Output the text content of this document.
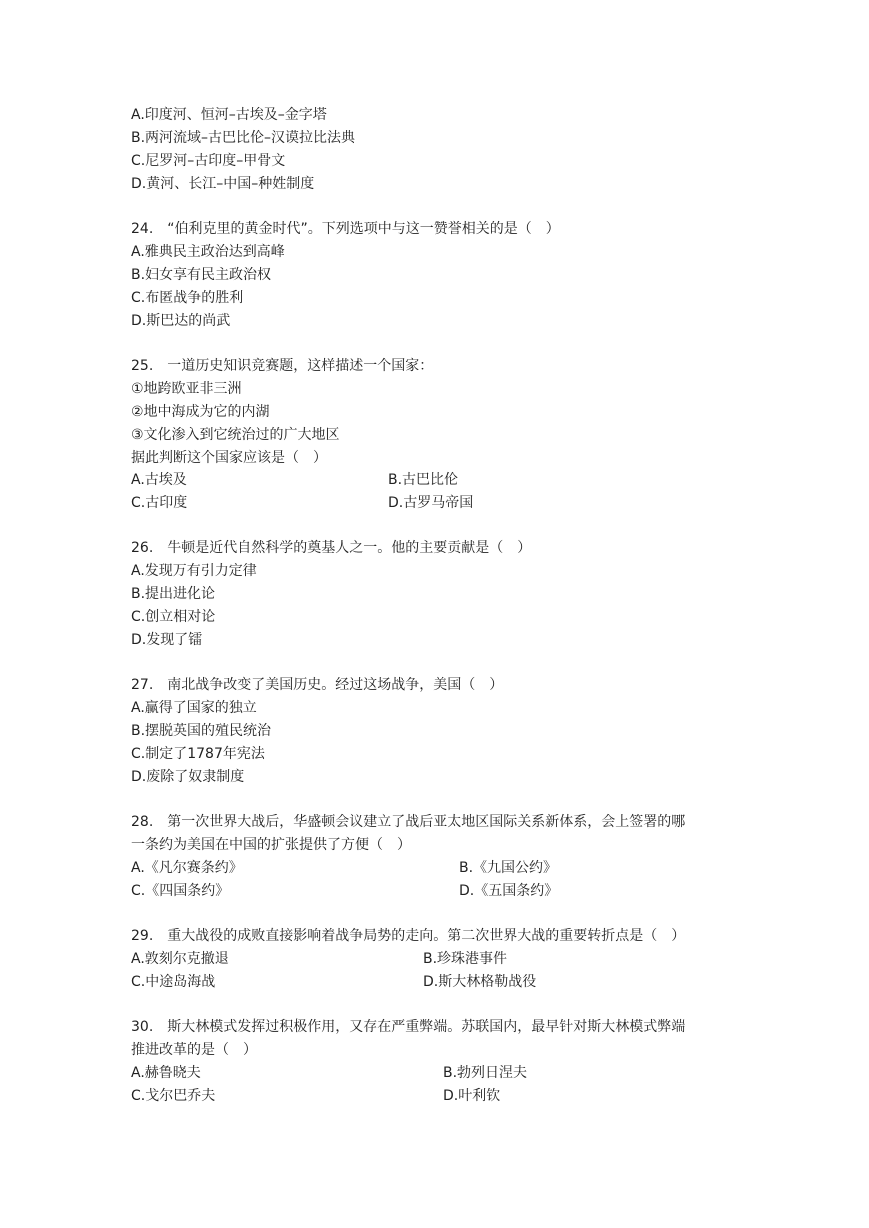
A.印度河、恒河–古埃及–金字塔
B.两河流域–古巴比伦–汉谟拉比法典
C.尼罗河–古印度–甲骨文
D.黄河、长江–中国–种姓制度
24.　“伯利克里的黄金时代”。下列选项中与这一赞誉相关的是（　）
A.雅典民主政治达到高峰
B.妇女享有民主政治权
C.布匿战争的胜利
D.斯巴达的尚武
25.　一道历史知识竞赛题，这样描述一个国家：
①地跨欧亚非三洲
②地中海成为它的内湖
③文化渗入到它统治过的广大地区
据此判断这个国家应该是（　）
A.古埃及	B.古巴比伦
C.古印度	D.古罗马帝国
26.　牛顿是近代自然科学的奠基人之一。他的主要贡献是（　）
A.发现万有引力定律
B.提出进化论
C.创立相对论
D.发现了镭
27.　南北战争改变了美国历史。经过这场战争，美国（　）
A.赢得了国家的独立
B.摆脱英国的殖民统治
C.制定了1787年宪法
D.废除了奴隶制度
28.　第一次世界大战后，华盛顿会议建立了战后亚太地区国际关系新体系，会上签署的哪
一条约为美国在中国的扩张提供了方便（　）
A.《凡尔赛条约》	B.《九国公约》
C.《四国条约》	D.《五国条约》
29.　重大战役的成败直接影响着战争局势的走向。第二次世界大战的重要转折点是（　）
A.敦刻尔克撤退	B.珍珠港事件
C.中途岛海战	D.斯大林格勒战役
30.　斯大林模式发挥过积极作用，又存在严重弊端。苏联国内，最早针对斯大林模式弊端
推进改革的是（　）
A.赫鲁晓夫	B.勃列日涅夫
C.戈尔巴乔夫	D.叶利钦
